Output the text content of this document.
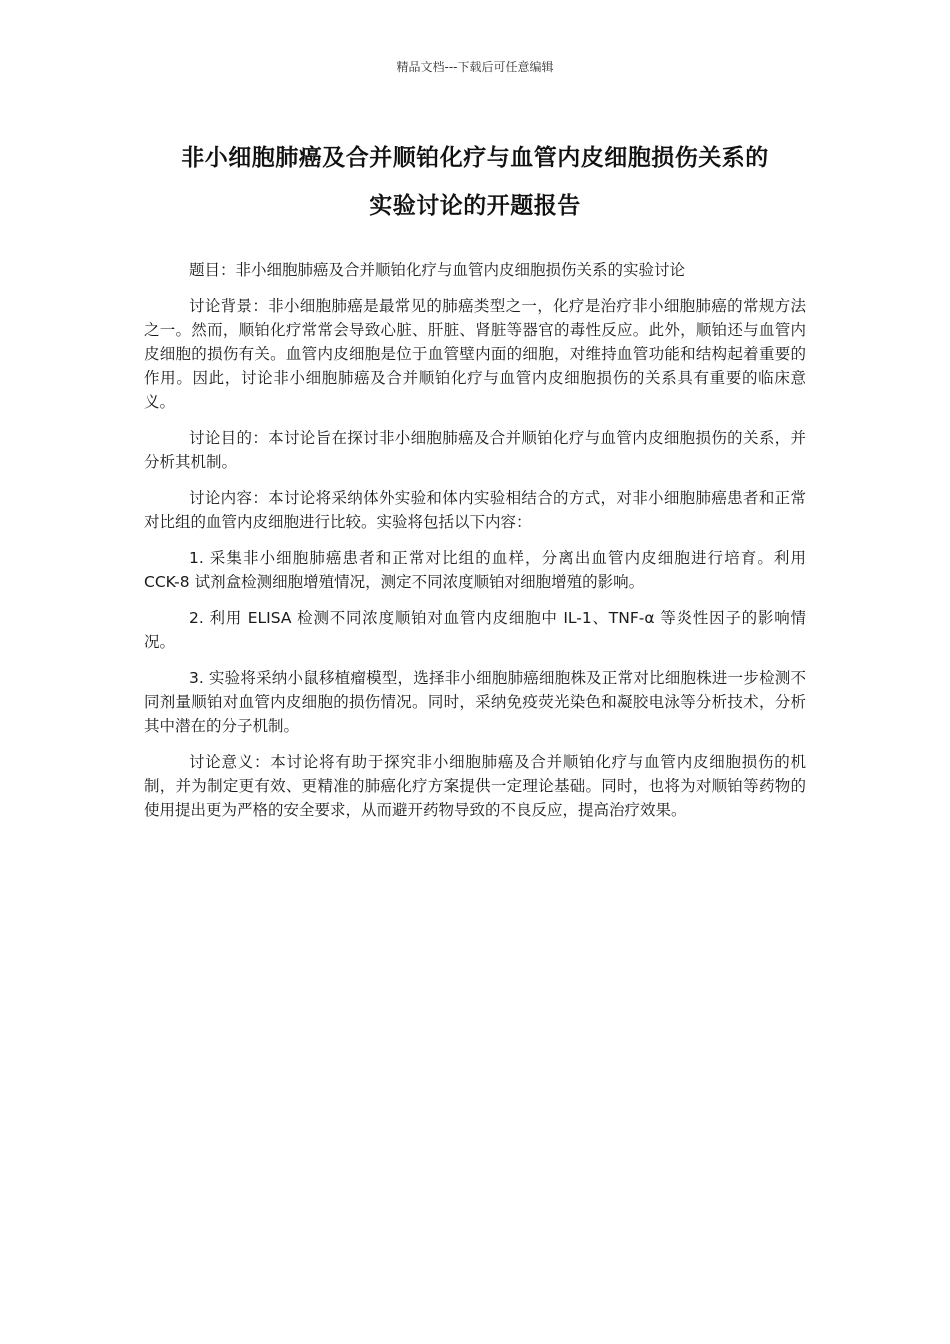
精品文档---下载后可任意编辑
非小细胞肺癌及合并顺铂化疗与血管内皮细胞损伤关系的
实验讨论的开题报告

题目：非小细胞肺癌及合并顺铂化疗与血管内皮细胞损伤关系的实验讨论

讨论背景：非小细胞肺癌是最常见的肺癌类型之一，化疗是治疗非小细胞肺癌的常规方法之一。然而，顺铂化疗常常会导致心脏、肝脏、肾脏等器官的毒性反应。此外，顺铂还与血管内皮细胞的损伤有关。血管内皮细胞是位于血管壁内面的细胞，对维持血管功能和结构起着重要的作用。因此，讨论非小细胞肺癌及合并顺铂化疗与血管内皮细胞损伤的关系具有重要的临床意义。

讨论目的：本讨论旨在探讨非小细胞肺癌及合并顺铂化疗与血管内皮细胞损伤的关系，并分析其机制。

讨论内容：本讨论将采纳体外实验和体内实验相结合的方式，对非小细胞肺癌患者和正常对比组的血管内皮细胞进行比较。实验将包括以下内容：

1. 采集非小细胞肺癌患者和正常对比组的血样，分离出血管内皮细胞进行培育。利用 CCK-8 试剂盒检测细胞增殖情况，测定不同浓度顺铂对细胞增殖的影响。

2. 利用 ELISA 检测不同浓度顺铂对血管内皮细胞中 IL-1、TNF-α 等炎性因子的影响情况。

3. 实验将采纳小鼠移植瘤模型，选择非小细胞肺癌细胞株及正常对比细胞株进一步检测不同剂量顺铂对血管内皮细胞的损伤情况。同时，采纳免疫荧光染色和凝胶电泳等分析技术，分析其中潜在的分子机制。

讨论意义：本讨论将有助于探究非小细胞肺癌及合并顺铂化疗与血管内皮细胞损伤的机制，并为制定更有效、更精准的肺癌化疗方案提供一定理论基础。同时，也将为对顺铂等药物的使用提出更为严格的安全要求，从而避开药物导致的不良反应，提高治疗效果。
